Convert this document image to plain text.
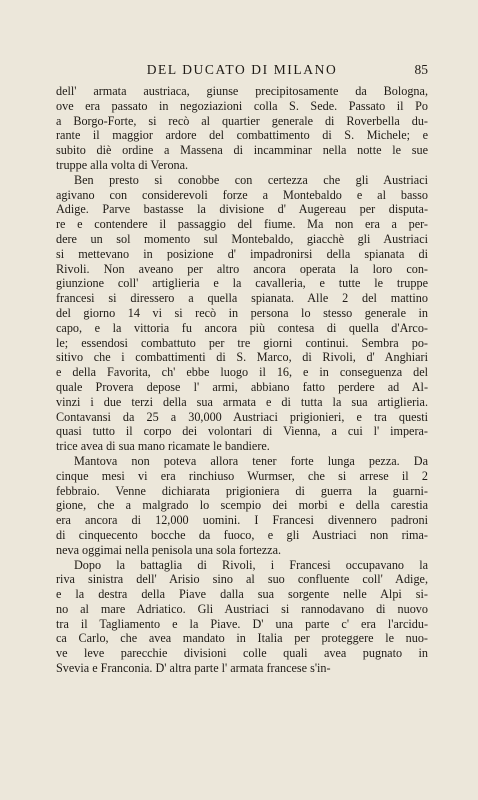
DEL DUCATO DI MILANO	85
dell' armata austriaca, giunse precipitosamente da Bologna,
ove era passato in negoziazioni colla S. Sede. Passato il Po
a Borgo-Forte, si recò al quartier generale di Roverbella du-
rante il maggior ardore del combattimento di S. Michele; e
subito diè ordine a Massena di incamminar nella notte le sue
truppe alla volta di Verona.
Ben presto si conobbe con certezza che gli Austriaci
agivano con considerevoli forze a Montebaldo e al basso
Adige. Parve bastasse la divisione d' Augereau per disputa-
re e contendere il passaggio del fiume. Ma non era a per-
dere un sol momento sul Montebaldo, giacchè gli Austriaci
si mettevano in posizione d' impadronirsi della spianata di
Rivoli. Non aveano per altro ancora operata la loro con-
giunzione coll' artiglieria e la cavalleria, e tutte le truppe
francesi si diressero a quella spianata. Alle 2 del mattino
del giorno 14 vi si recò in persona lo stesso generale in
capo, e la vittoria fu ancora più contesa di quella d'Arco-
le; essendosi combattuto per tre giorni continui. Sembra po-
sitivo che i combattimenti di S. Marco, di Rivoli, d' Anghiari
e della Favorita, ch' ebbe luogo il 16, e in conseguenza del
quale Provera depose l' armi, abbiano fatto perdere ad Al-
vinzi i due terzi della sua armata e di tutta la sua artiglieria.
Contavansi da 25 a 30,000 Austriaci prigionieri, e tra questi
quasi tutto il corpo dei volontari di Vienna, a cui l' impera-
trice avea di sua mano ricamate le bandiere.
Mantova non poteva allora tener forte lunga pezza. Da
cinque mesi vi era rinchiuso Wurmser, che si arrese il 2
febbraio. Venne dichiarata prigioniera di guerra la guarni-
gione, che a malgrado lo scempio dei morbi e della carestia
era ancora di 12,000 uomini. I Francesi divennero padroni
di cinquecento bocche da fuoco, e gli Austriaci non rima-
neva oggimai nella penisola una sola fortezza.
Dopo la battaglia di Rivoli, i Francesi occupavano la
riva sinistra dell' Arisio sino al suo confluente coll' Adige,
e la destra della Piave dalla sua sorgente nelle Alpi si-
no al mare Adriatico. Gli Austriaci si rannodavano di nuovo
tra il Tagliamento e la Piave. D' una parte c' era l'arcidu-
ca Carlo, che avea mandato in Italia per proteggere le nuo-
ve leve parecchie divisioni colle quali avea pugnato in
Svevia e Franconia. D' altra parte l' armata francese s'in-
